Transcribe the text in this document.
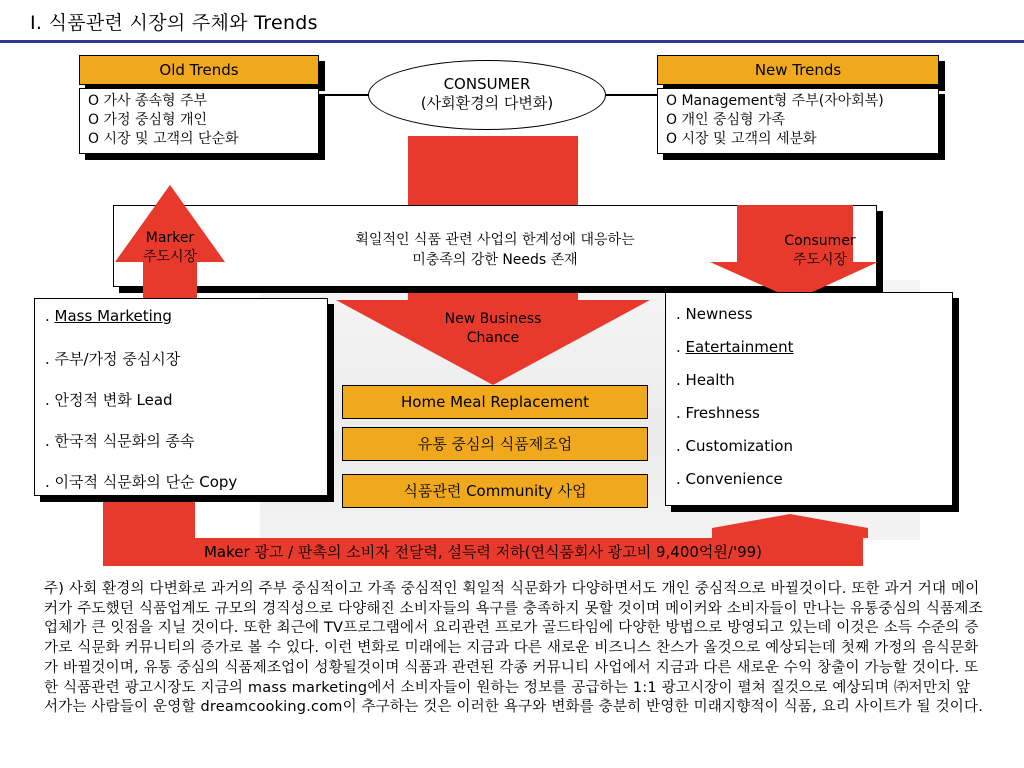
Ⅰ. 식품관련 시장의 주체와 Trends
Old Trends
O 가사 종속형 주부
O 가정 중심형 개인
O 시장 및 고객의 단순화
CONSUMER
(사회환경의 다변화)
New Trends
O Management형 주부(자아회복)
O 개인 중심형 가족
O 시장 및 고객의 세분화
획일적인 식품 관련 사업의 한계성에 대응하는
미충족의 강한 Needs 존재
Marker
주도시장
Consumer
주도시장
. Mass Marketing
. 주부/가정 중심시장
. 안정적 변화 Lead
. 한국적 식문화의 종속
. 이국적 식문화의 단순 Copy
New Business
Chance
Home Meal Replacement
유통 중심의 식품제조업
식품관련 Community 사업
. Newness
. Eatertainment
. Health
. Freshness
. Customization
. Convenience
Maker 광고 / 판촉의 소비자 전달력, 설득력 저하(연식품회사 광고비 9,400억원/'99)
주) 사회 환경의 다변화로 과거의 주부 중심적이고 가족 중심적인 획일적 식문화가 다양하면서도 개인 중심적으로 바뀔것이다. 또한 과거 거대 메이커가 주도했던 식품업계도 규모의 경직성으로 다양해진 소비자들의 욕구를 충족하지 못할 것이며 메이커와 소비자들이 만나는 유통중심의 식품제조업체가 큰 잇점을 지닐 것이다. 또한 최근에 TV프로그램에서 요리관련 프로가 골드타임에 다양한 방법으로 방영되고 있는데 이것은 소득 수준의 증가로 식문화 커뮤니티의 증가로 볼 수 있다. 이런 변화로 미래에는 지금과 다른 새로운 비즈니스 찬스가 올것으로 예상되는데 첫째 가정의 음식문화가 바뀔것이며, 유통 중심의 식품제조업이 성황될것이며 식품과 관련된 각종 커뮤니티 사업에서 지금과 다른 새로운 수익 창출이 가능할 것이다. 또한 식품관련 광고시장도 지금의 mass marketing에서 소비자들이 원하는 정보를 공급하는 1:1 광고시장이 펼쳐 질것으로 예상되며 ㈜저만치 앞서가는 사람들이 운영할 dreamcooking.com이 추구하는 것은 이러한 욕구와 변화를 충분히 반영한 미래지향적이 식품, 요리 사이트가 될 것이다.
